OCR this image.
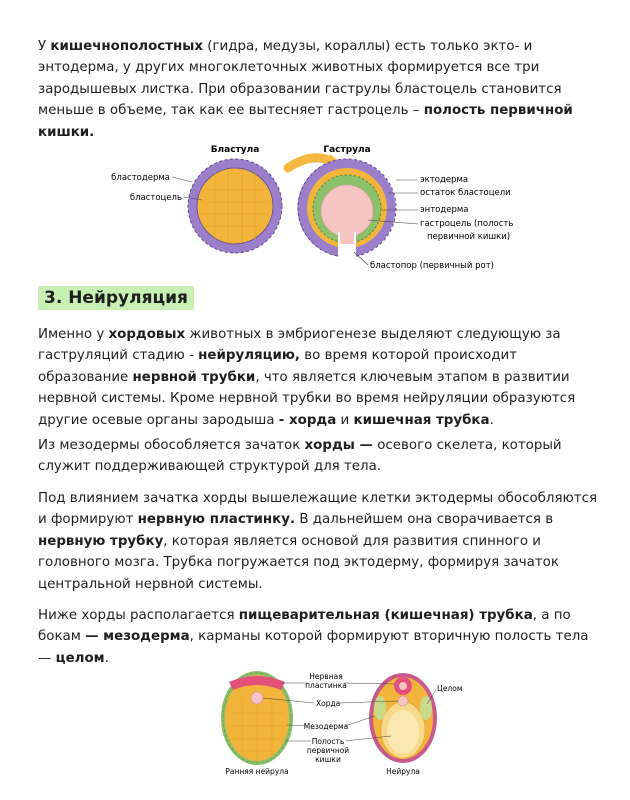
У кишечнополостных (гидра, медузы, кораллы) есть только экто- и энтодерма, у других многоклеточных животных формируется все три зародышевых листка. При образовании гаструлы бластоцель становится меньше в объеме, так как ее вытесняет гастроцель – полость первичной кишки.

Бластула	Гаструла
бластодерма
бластоцель
эктодерма
остаток бластоцели
энтодерма
гастроцель (полость
первичной кишки)
бластопор (первичный рот)
3. Нейруляция

Именно у хордовых животных в эмбриогенезе выделяют следующую за гаструляций стадию - нейруляцию, во время которой происходит образование нервной трубки, что является ключевым этапом в развитии нервной системы. Кроме нервной трубки во время нейруляции образуются другие осевые органы зародыша - хорда и кишечная трубка.

Из мезодермы обособляется зачаток хорды — осевого скелета, который служит поддерживающей структурой для тела.

Под влиянием зачатка хорды вышележащие клетки эктодермы обособляются и формируют нервную пластинку. В дальнейшем она сворачивается в нервную трубку, которая является основой для развития спинного и головного мозга. Трубка погружается под эктодерму, формируя зачаток центральной нервной системы.

Ниже хорды располагается пищеварительная (кишечная) трубка, а по бокам — мезодерма, карманы которой формируют вторичную полость тела — целом.

Нервная
пластинка
Хорда
Мезодерма
Полость
первичной
кишки
Целом
Ранняя нейрула	Нейрула
